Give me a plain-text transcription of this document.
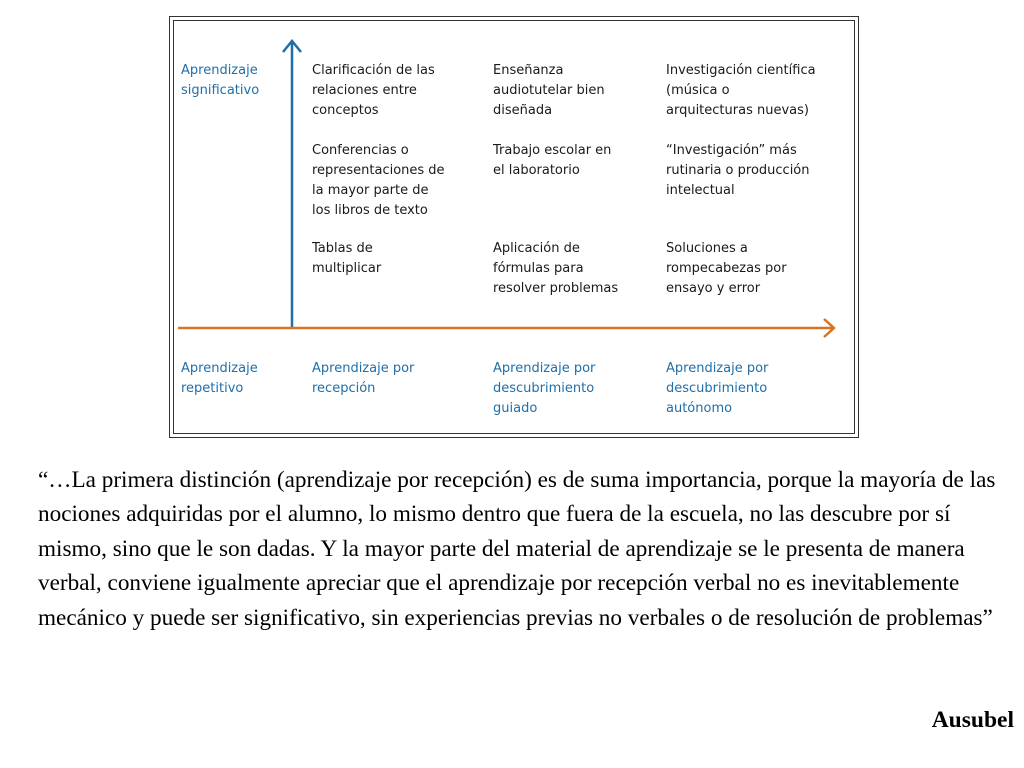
Aprendizaje
significativo
Aprendizaje
repetitivo
Aprendizaje por
recepción
Aprendizaje por
descubrimiento
guiado
Aprendizaje por
descubrimiento
autónomo
Clarificación de las
relaciones entre
conceptos
Enseñanza
audiotutelar bien
diseñada
Investigación científica
(música o
arquitecturas nuevas)
Conferencias o
representaciones de
la mayor parte de
los libros de texto
Trabajo escolar en
el laboratorio
“Investigación” más
rutinaria o producción
intelectual
Tablas de
multiplicar
Aplicación de
fórmulas para
resolver problemas
Soluciones a
rompecabezas por
ensayo y error
“…La primera distinción (aprendizaje por recepción) es de suma importancia, porque la mayoría de las nociones adquiridas por el alumno, lo mismo dentro que fuera de la escuela, no las descubre por sí mismo, sino que le son dadas. Y la mayor parte del material de aprendizaje se le presenta de manera verbal, conviene igualmente apreciar que el aprendizaje por recepción verbal no es inevitablemente mecánico y puede ser significativo, sin experiencias previas no verbales o de resolución de problemas”
Ausubel
